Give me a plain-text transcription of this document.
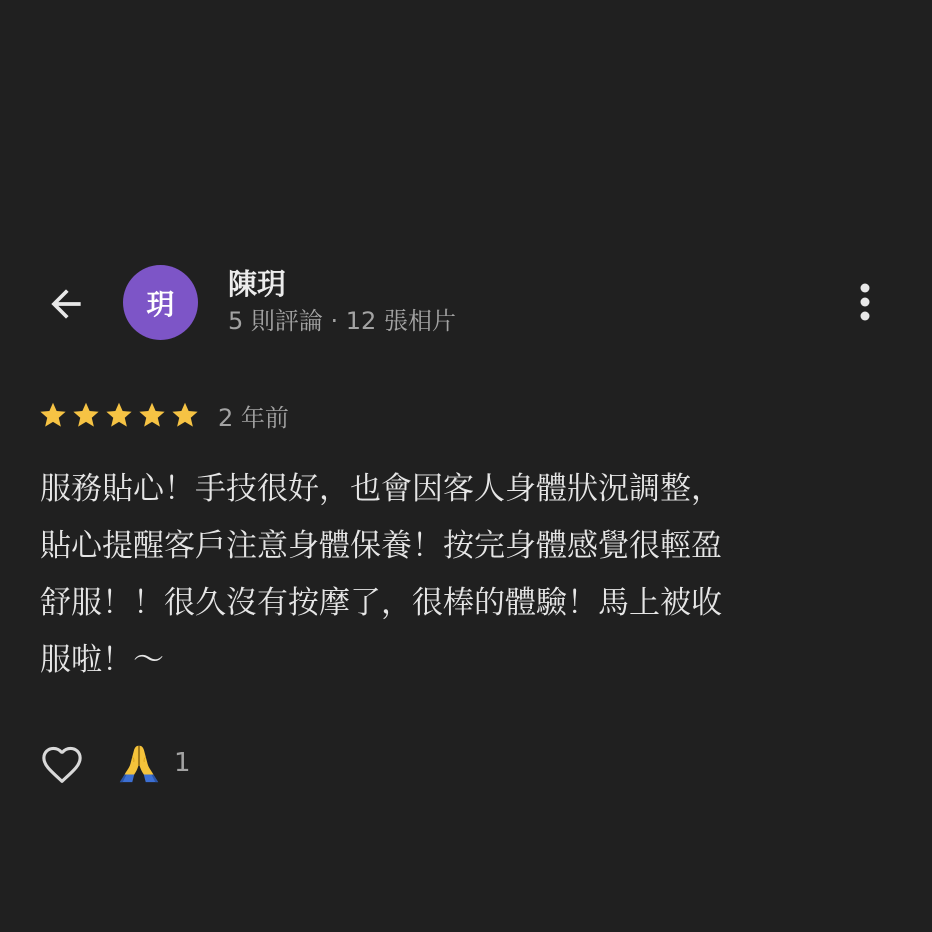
玥
陳玥
5 則評論 · 12 張相片
2 年前
服務貼心！手技很好，也會因客人身體狀況調整，
貼心提醒客戶注意身體保養！按完身體感覺很輕盈
舒服！！很久沒有按摩了，很棒的體驗！馬上被收
服啦！～
1
